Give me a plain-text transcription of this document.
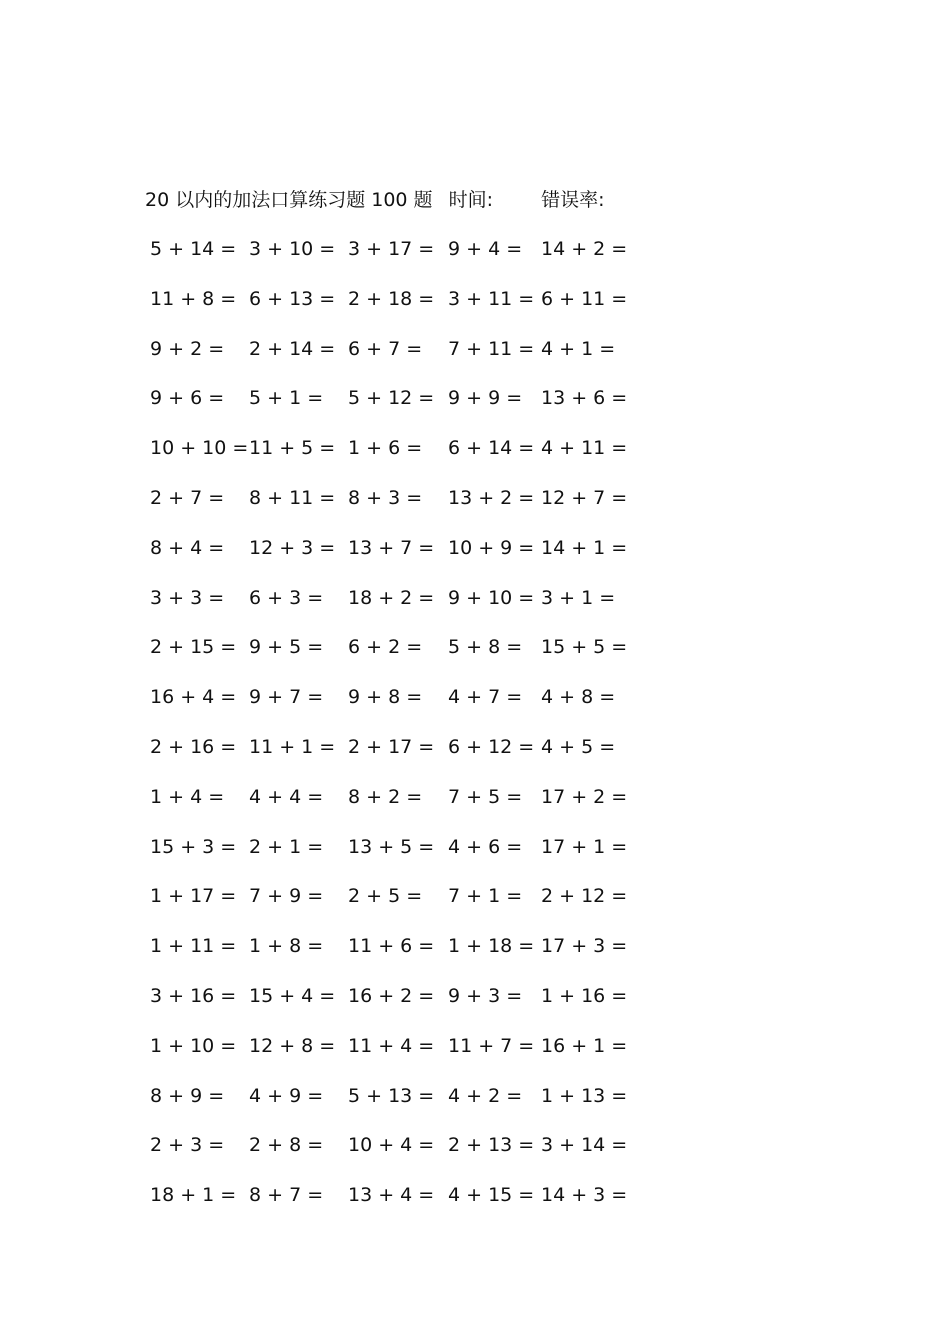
20 以内的加法口算练习题 100 题 时间:	错误率:
5 + 14 = 3 + 10 = 3 + 17 = 9 + 4 = 14 + 2 =
11 + 8 = 6 + 13 = 2 + 18 = 3 + 11 = 6 + 11 =
9 + 2 = 2 + 14 = 6 + 7 = 7 + 11 = 4 + 1 =
9 + 6 = 5 + 1 = 5 + 12 = 9 + 9 = 13 + 6 =
10 + 10 = 11 + 5 = 1 + 6 = 6 + 14 = 4 + 11 =
2 + 7 = 8 + 11 = 8 + 3 = 13 + 2 = 12 + 7 =
8 + 4 = 12 + 3 = 13 + 7 = 10 + 9 = 14 + 1 =
3 + 3 = 6 + 3 = 18 + 2 = 9 + 10 = 3 + 1 =
2 + 15 = 9 + 5 = 6 + 2 = 5 + 8 = 15 + 5 =
16 + 4 = 9 + 7 = 9 + 8 = 4 + 7 = 4 + 8 =
2 + 16 = 11 + 1 = 2 + 17 = 6 + 12 = 4 + 5 =
1 + 4 = 4 + 4 = 8 + 2 = 7 + 5 = 17 + 2 =
15 + 3 = 2 + 1 = 13 + 5 = 4 + 6 = 17 + 1 =
1 + 17 = 7 + 9 = 2 + 5 = 7 + 1 = 2 + 12 =
1 + 11 = 1 + 8 = 11 + 6 = 1 + 18 = 17 + 3 =
3 + 16 = 15 + 4 = 16 + 2 = 9 + 3 = 1 + 16 =
1 + 10 = 12 + 8 = 11 + 4 = 11 + 7 = 16 + 1 =
8 + 9 = 4 + 9 = 5 + 13 = 4 + 2 = 1 + 13 =
2 + 3 = 2 + 8 = 10 + 4 = 2 + 13 = 3 + 14 =
18 + 1 = 8 + 7 = 13 + 4 = 4 + 15 = 14 + 3 =
